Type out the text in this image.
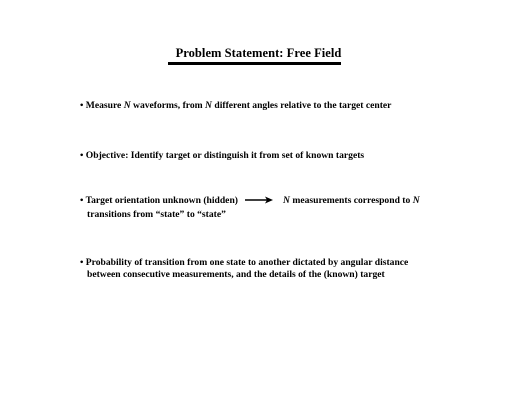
Problem Statement: Free Field
• Measure N waveforms, from N different angles relative to the target center
• Objective: Identify target or distinguish it from set of known targets
• Target orientation unknown (hidden)	N measurements correspond to N
transitions from “state” to “state”
• Probability of transition from one state to another dictated by angular distance
between consecutive measurements, and the details of the (known) target
